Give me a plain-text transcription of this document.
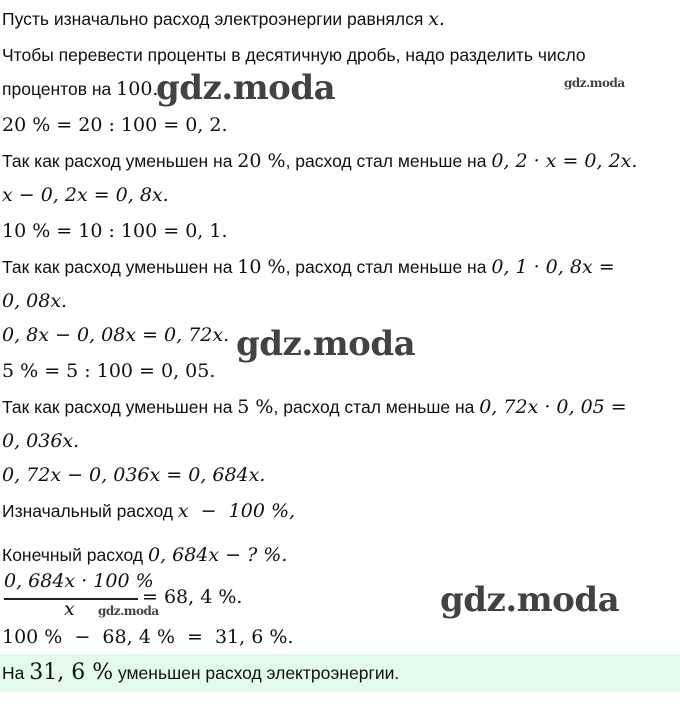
Пусть изначально расход электроэнергии равнялся x.
Чтобы перевести проценты в десятичную дробь, надо разделить число
процентов на 100.
20 % = 20 : 100 = 0, 2.
Так как расход уменьшен на 20 %, расход стал меньше на 0, 2 · x = 0, 2x.
x − 0, 2x = 0, 8x.
10 % = 10 : 100 = 0, 1.
Так как расход уменьшен на 10 %, расход стал меньше на 0, 1 · 0, 8x =
0, 08x.
0, 8x − 0, 08x = 0, 72x.
5 % = 5 : 100 = 0, 05.
Так как расход уменьшен на 5 %, расход стал меньше на 0, 72x · 0, 05 =
0, 036x.
0, 72x − 0, 036x = 0, 684x.
Изначальный расход x  −  100 %,
Конечный расход 0, 684x − ? %.
0, 684x · 100 %
x
= 68, 4 %.
100 %  −  68, 4 %  =  31, 6 %.
На 31, 6 % уменьшен расход электроэнергии.
gdz.moda
gdz.moda
gdz.moda
gdz.moda
gdz.moda
